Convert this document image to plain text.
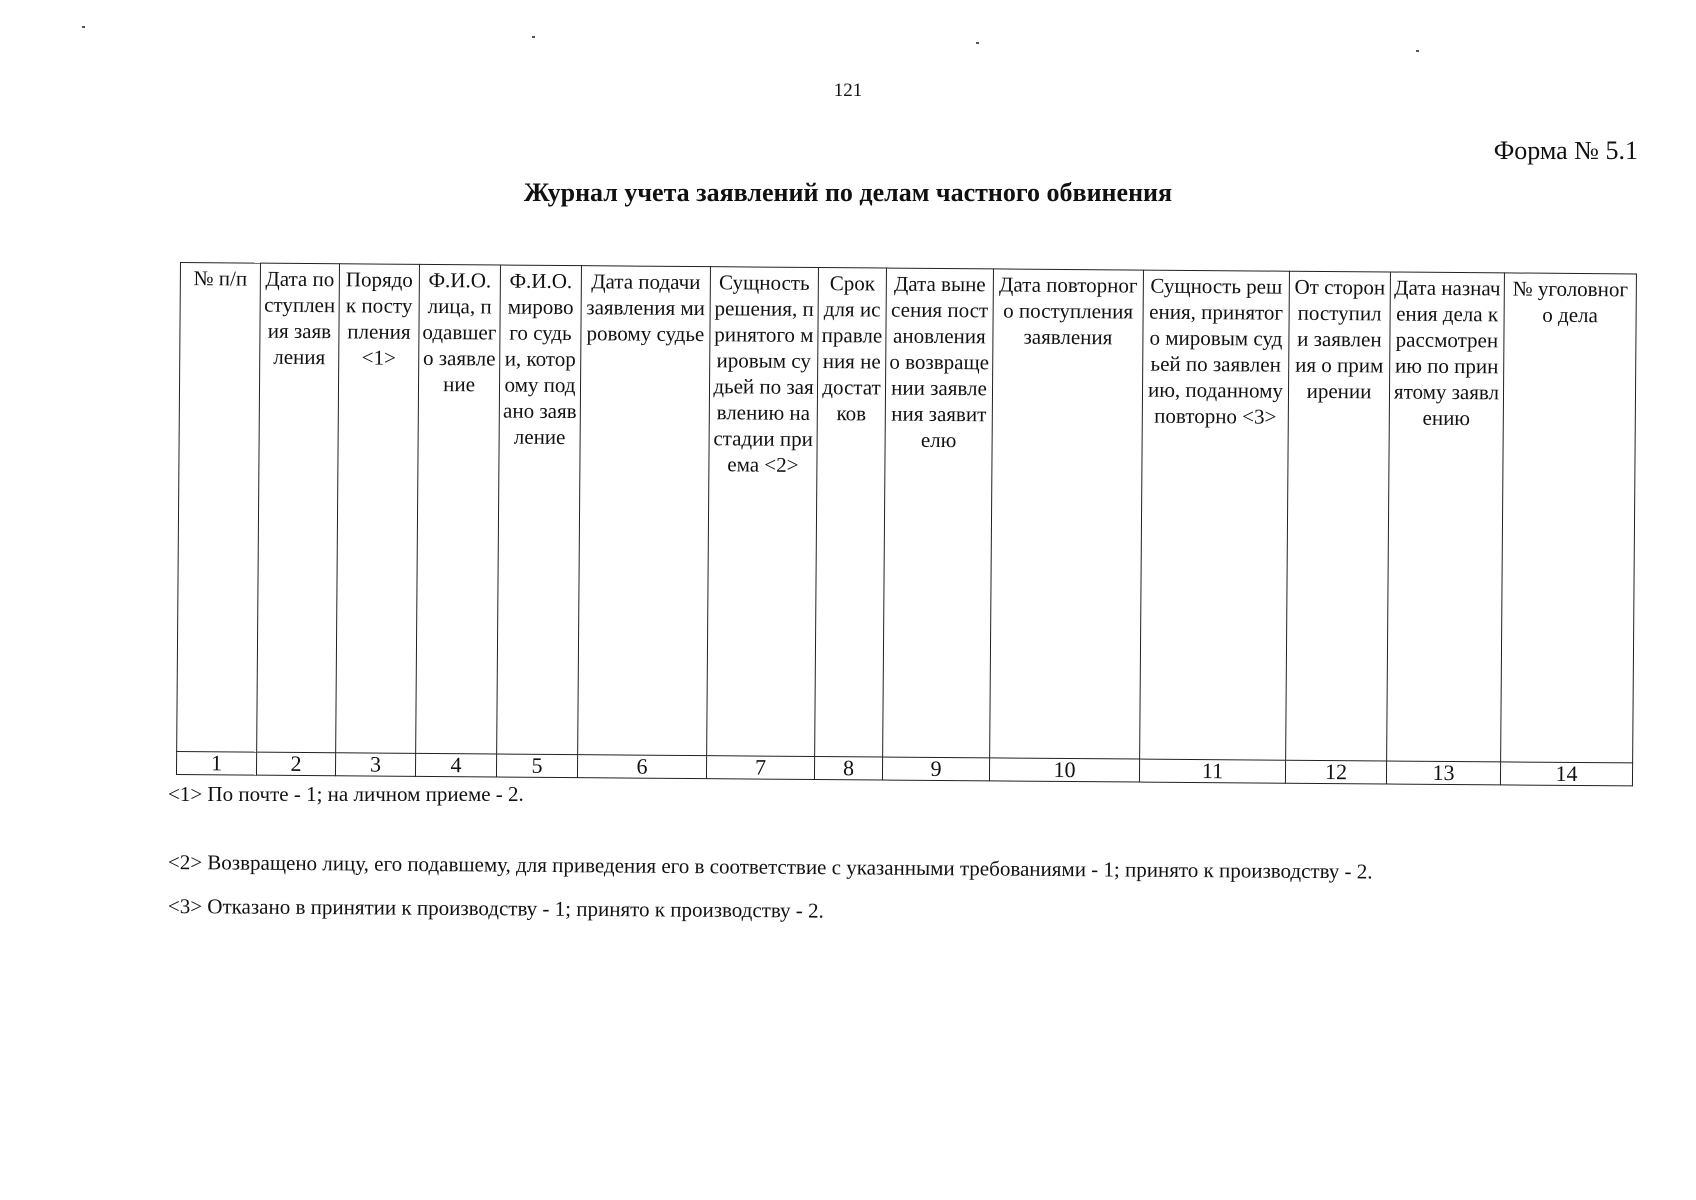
121
Форма № 5.1
Журнал учета заявлений по делам частного обвинения
№ п/п	Дата поступления заявления	Порядок поступления <1>	Ф.И.О. лица, подавшего заявление	Ф.И.О. мирового судьи, которому подано заявление	Дата подачи заявления мировому судье	Сущность решения, принятого мировым судьей по заявлению на стадии приема <2>	Срок для исправления недостатков	Дата вынесения постановления о возвращении заявления заявителю	Дата повторного поступления заявления	Сущность решения, принятого мировым судьей по заявлению, поданному повторно <3>	От сторон поступили заявления о примирении	Дата назначения дела к рассмотрению по принятому заявлению	№ уголовного дела
1	2	3	4	5	6	7	8	9	10	11	12	13	14
<1> По почте - 1; на личном приеме - 2.
<2> Возвращено лицу, его подавшему, для приведения его в соответствие с указанными требованиями - 1; принято к производству - 2.
<3> Отказано в принятии к производству - 1; принято к производству - 2.
